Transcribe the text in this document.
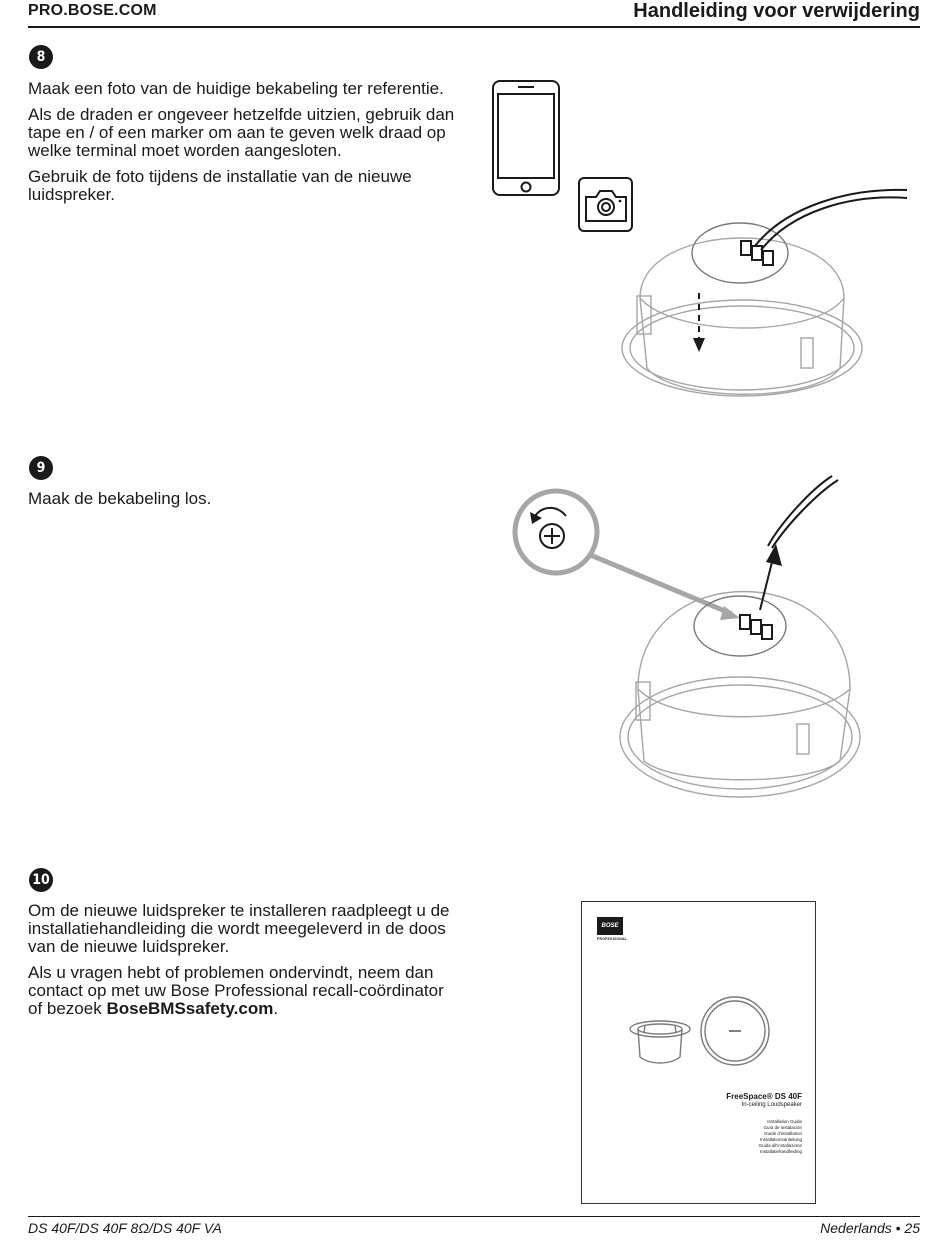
PRO.BOSE.COM	Handleiding voor verwijdering
8

Maak een foto van de huidige bekabeling ter referentie.

Als de draden er ongeveer hetzelfde uitzien, gebruik dan tape en / of een marker om aan te geven welk draad op welke terminal moet worden aangesloten.

Gebruik de foto tijdens de installatie van de nieuwe luidspreker.

9

Maak de bekabeling los.

10

Om de nieuwe luidspreker te installeren raadpleegt u de installatiehandleiding die wordt meegeleverd in de doos van de nieuwe luidspreker.

Als u vragen hebt of problemen ondervindt, neem dan contact op met uw Bose Professional recall-coördinator of bezoek BoseBMSsafety.com.

BOSE
PROFESSIONAL
FreeSpace® DS 40F
In-ceiling Loudspeaker
Installation Guide
Guía de instalación
Guide d'installation
Installationsanleitung
Guida all'installazione
Installatiehandleiding
DS 40F/DS 40F 8Ω/DS 40F VA	Nederlands • 25
